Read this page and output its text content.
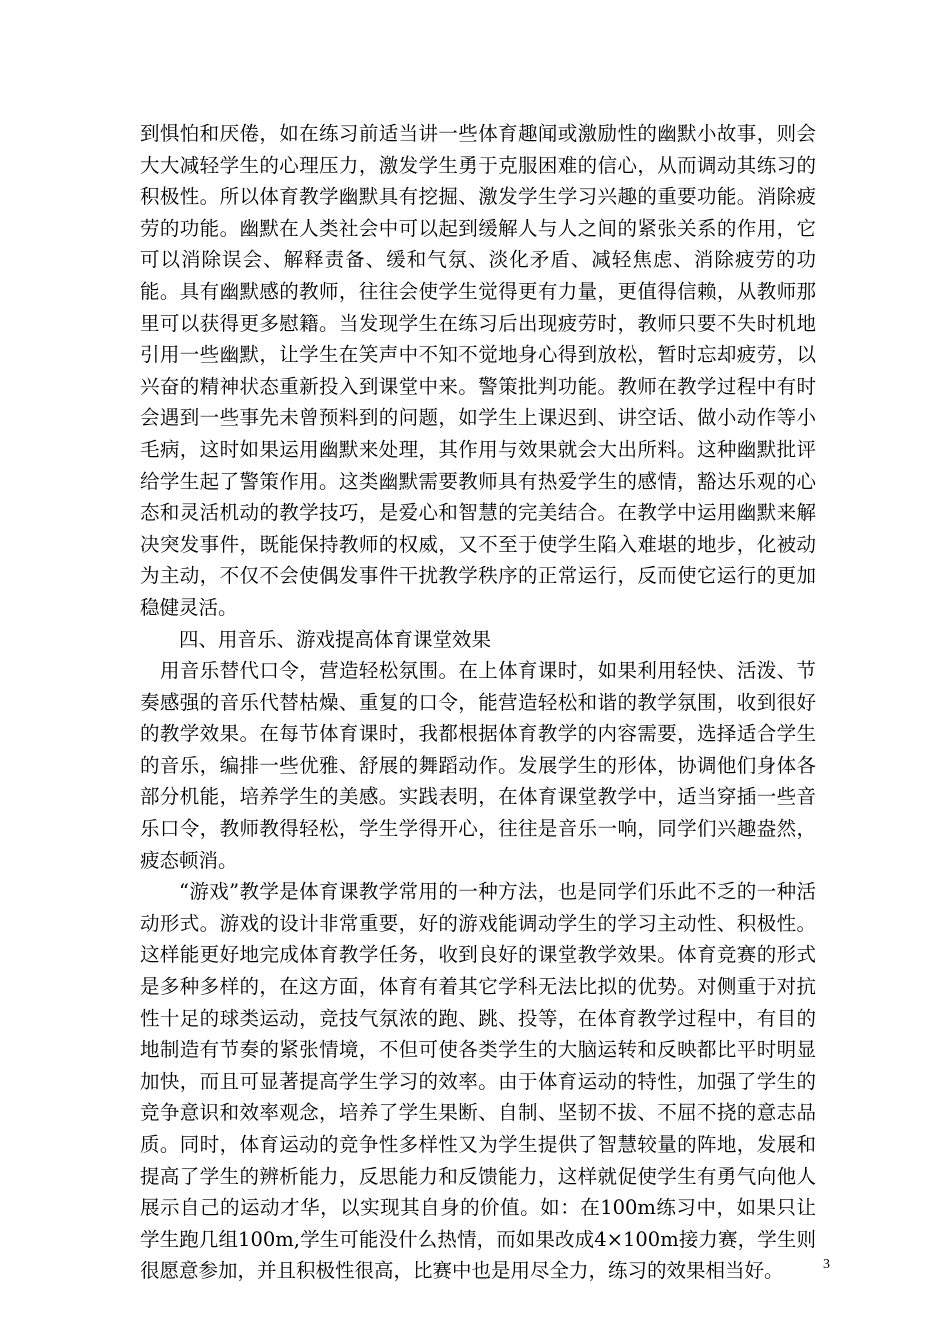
到惧怕和厌倦，如在练习前适当讲一些体育趣闻或激励性的幽默小故事，则会大大减轻学生的心理压力，激发学生勇于克服困难的信心，从而调动其练习的积极性。所以体育教学幽默具有挖掘、激发学生学习兴趣的重要功能。消除疲劳的功能。幽默在人类社会中可以起到缓解人与人之间的紧张关系的作用，它可以消除误会、解释责备、缓和气氛、淡化矛盾、减轻焦虑、消除疲劳的功能。具有幽默感的教师，往往会使学生觉得更有力量，更值得信赖，从教师那里可以获得更多慰籍。当发现学生在练习后出现疲劳时，教师只要不失时机地引用一些幽默，让学生在笑声中不知不觉地身心得到放松，暂时忘却疲劳，以兴奋的精神状态重新投入到课堂中来。警策批判功能。教师在教学过程中有时会遇到一些事先未曾预料到的问题，如学生上课迟到、讲空话、做小动作等小毛病，这时如果运用幽默来处理，其作用与效果就会大出所料。这种幽默批评给学生起了警策作用。这类幽默需要教师具有热爱学生的感情，豁达乐观的心态和灵活机动的教学技巧，是爱心和智慧的完美结合。在教学中运用幽默来解决突发事件，既能保持教师的权威，又不至于使学生陷入难堪的地步，化被动为主动，不仅不会使偶发事件干扰教学秩序的正常运行，反而使它运行的更加稳健灵活。

四、用音乐、游戏提高体育课堂效果

用音乐替代口令，营造轻松氛围。在上体育课时，如果利用轻快、活泼、节奏感强的音乐代替枯燥、重复的口令，能营造轻松和谐的教学氛围，收到很好的教学效果。在每节体育课时，我都根据体育教学的内容需要，选择适合学生的音乐，编排一些优雅、舒展的舞蹈动作。发展学生的形体，协调他们身体各部分机能，培养学生的美感。实践表明，在体育课堂教学中，适当穿插一些音乐口令，教师教得轻松，学生学得开心，往往是音乐一响，同学们兴趣盎然，疲态顿消。

“游戏”教学是体育课教学常用的一种方法，也是同学们乐此不乏的一种活动形式。游戏的设计非常重要，好的游戏能调动学生的学习主动性、积极性。这样能更好地完成体育教学任务，收到良好的课堂教学效果。体育竞赛的形式是多种多样的，在这方面，体育有着其它学科无法比拟的优势。对侧重于对抗性十足的球类运动，竞技气氛浓的跑、跳、投等，在体育教学过程中，有目的地制造有节奏的紧张情境，不但可使各类学生的大脑运转和反映都比平时明显加快，而且可显著提高学生学习的效率。由于体育运动的特性，加强了学生的竞争意识和效率观念，培养了学生果断、自制、坚韧不拔、不屈不挠的意志品质。同时，体育运动的竞争性多样性又为学生提供了智慧较量的阵地，发展和提高了学生的辨析能力，反思能力和反馈能力，这样就促使学生有勇气向他人展示自己的运动才华，以实现其自身的价值。如：在100m练习中，如果只让学生跑几组100m,学生可能没什么热情，而如果改成4×100m接力赛，学生则很愿意参加，并且积极性很高，比赛中也是用尽全力，练习的效果相当好。	3
